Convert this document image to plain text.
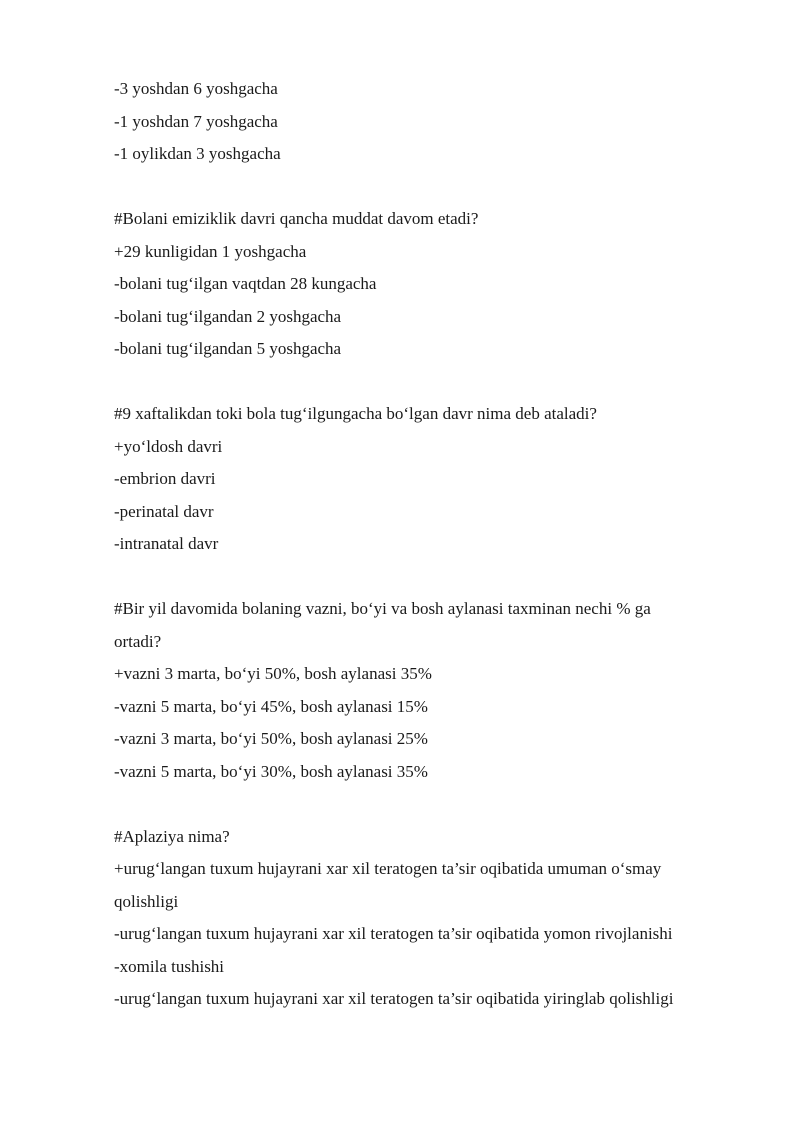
-3 yoshdan 6 yoshgacha
-1 yoshdan 7 yoshgacha
-1 oylikdan 3 yoshgacha
#Bolani emiziklik davri qancha muddat davom etadi?
+29 kunligidan 1 yoshgacha
-bolani tug‘ilgan vaqtdan 28 kungacha
-bolani tug‘ilgandan 2 yoshgacha
-bolani tug‘ilgandan 5 yoshgacha
#9 xaftalikdan toki bola tug‘ilgungacha bo‘lgan davr nima deb ataladi?
+yo‘ldosh davri
-embrion davri
-perinatal davr
-intranatal davr
#Bir yil davomida bolaning vazni, bo‘yi va bosh aylanasi taxminan nechi % ga
ortadi?
+vazni 3 marta, bo‘yi 50%, bosh aylanasi 35%
-vazni 5 marta, bo‘yi 45%, bosh aylanasi 15%
-vazni 3 marta, bo‘yi 50%, bosh aylanasi 25%
-vazni 5 marta, bo‘yi 30%, bosh aylanasi 35%
#Aplaziya nima?
+urug‘langan tuxum hujayrani xar xil teratogen ta’sir oqibatida umuman o‘smay
qolishligi
-urug‘langan tuxum hujayrani xar xil teratogen ta’sir oqibatida yomon rivojlanishi
-xomila tushishi
-urug‘langan tuxum hujayrani xar xil teratogen ta’sir oqibatida yiringlab qolishligi
